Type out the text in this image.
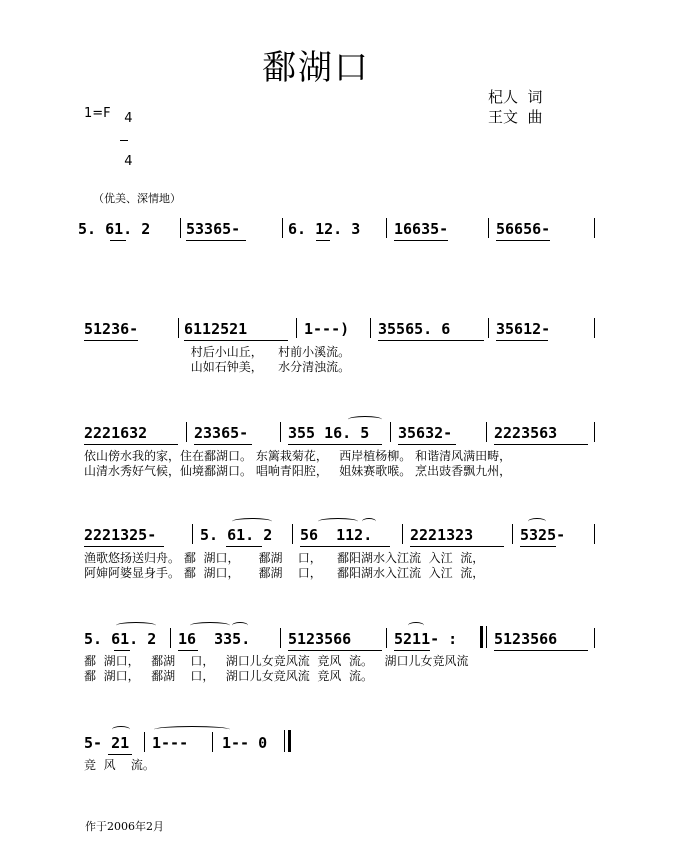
鄱湖口
杞人  词
王文  曲
1=F	4

4

（优美、深情地）
5. 61. 2 53365-	6. 12. 3 16635-	56656-
51236-	6112521	1---) 35565. 6	35612-
村后小山丘，    村前小溪流。
山如石钟美，    水分清浊流。
2221632	23365-	355 16. 5 35632-	2223563
依山傍水我的家，住在鄱湖口。 东篱栽菊花，   西岸植杨柳。 和谐清风满田畴，
山清水秀好气候，仙境鄱湖口。 唱响青阳腔，   姐妹赛歌喉。 烹出豉香飘九州，
2221325-	5. 61. 2 56  112.	2221323	5325-
渔歌悠扬送归舟。 鄱  湖口，     鄱湖    口，    鄱阳湖水入江流  入江  流，
阿婶阿婆显身手。 鄱  湖口，     鄱湖    口，    鄱阳湖水入江流  入江  流，
5. 61. 2 16  335.	5123566	5211- : 5123566
鄱  湖口，   鄱湖    口，   湖口儿女竞风流  竞风  流。   湖口儿女竞风流
鄱  湖口，   鄱湖    口，   湖口儿女竞风流  竞风  流。
5- 21 1--- 1-- 0
竞  风    流。
作于2006年2月
